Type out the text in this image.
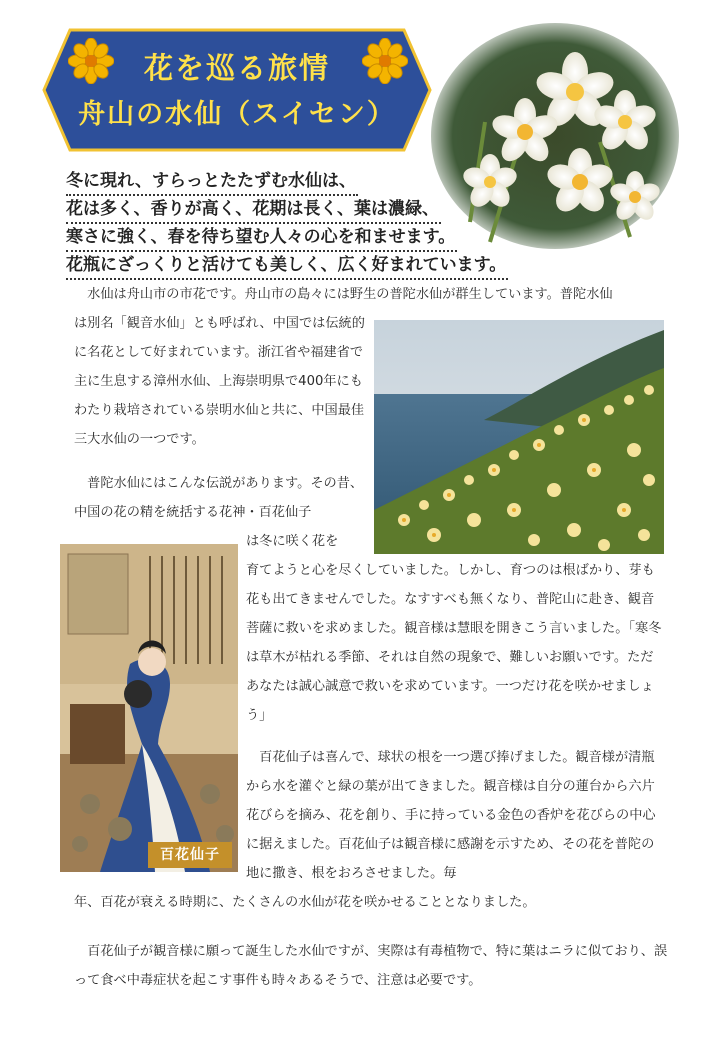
花を巡る旅情
舟山の水仙（スイセン）
冬に現れ、すらっとたたずむ水仙は、
花は多く、香りが高く、花期は長く、葉は濃緑、
寒さに強く、春を待ち望む人々の心を和ませます。
花瓶にざっくりと活けても美しく、広く好まれています。
　水仙は舟山市の市花です。舟山市の島々には野生の普陀水仙が群生しています。普陀水仙
は別名「観音水仙」とも呼ばれ、中国では伝統的に名花として好まれています。浙江省や福建省で主に生息する漳州水仙、上海崇明県で400年にもわたり栽培されている崇明水仙と共に、中国最佳三大水仙の一つです。
　普陀水仙にはこんな伝説があります。その昔、中国の花の精を統括する花神・百花仙子
百花仙子
は冬に咲く花を
育てようと心を尽くしていました。しかし、育つのは根ばかり、芽も花も出てきませんでした。なすすべも無くなり、普陀山に赴き、観音菩薩に救いを求めました。観音様は慧眼を開きこう言いました。「寒冬は草木が枯れる季節、それは自然の現象で、難しいお願いです。ただあなたは誠心誠意で救いを求めています。一つだけ花を咲かせましょう」
　百花仙子は喜んで、球状の根を一つ選び捧げました。観音様が清瓶から水を灌ぐと緑の葉が出てきました。観音様は自分の蓮台から六片花びらを摘み、花を創り、手に持っている金色の香炉を花びらの中心に据えました。百花仙子は観音様に感謝を示すため、その花を普陀の地に撒き、根をおろさせました。毎
年、百花が衰える時期に、たくさんの水仙が花を咲かせることとなりました。
　百花仙子が観音様に願って誕生した水仙ですが、実際は有毒植物で、特に葉はニラに似ており、誤って食べ中毒症状を起こす事件も時々あるそうで、注意は必要です。
